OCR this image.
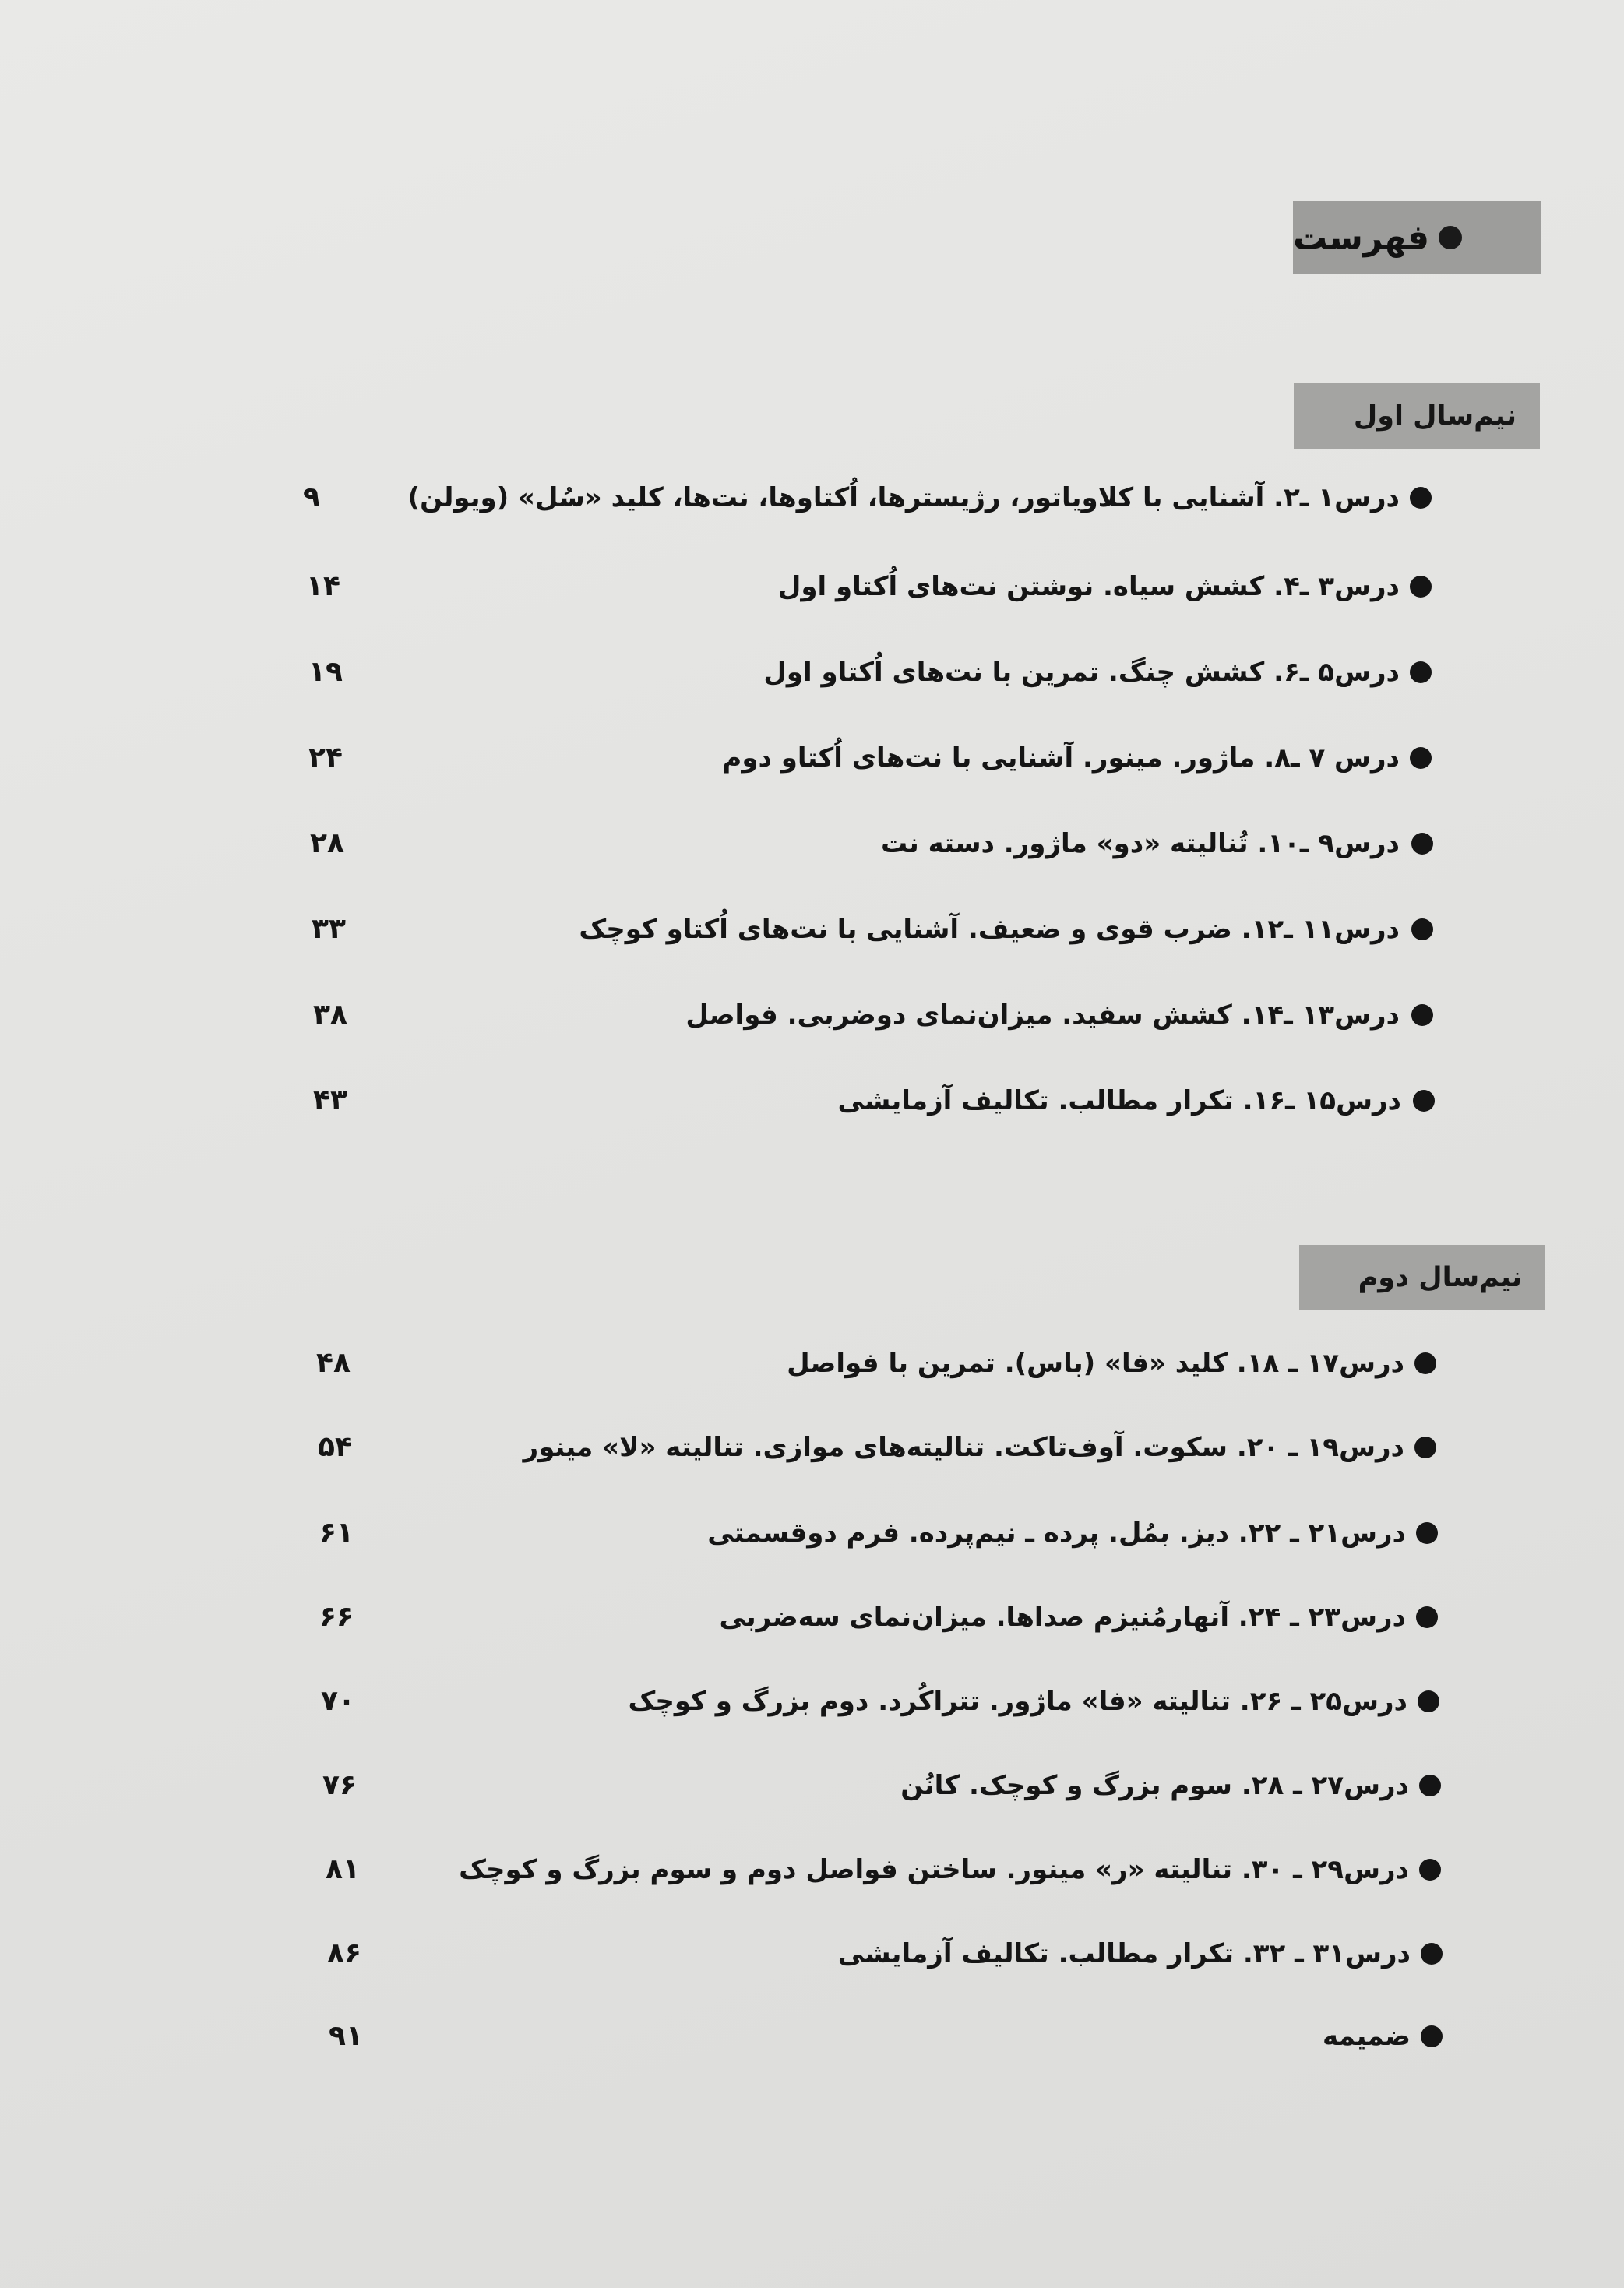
فهرست
نیم‌سال اول
درس۱ ـ۲. آشنایی با کلاویاتور، رژیسترها، اُکتاوها، نت‌ها، کلید «سُل» (ویولن)
۹
درس۳ ـ۴. کشش سیاه. نوشتن نت‌های اُکتاو اول
۱۴
درس۵ ـ۶. کشش چنگ. تمرین با نت‌های اُکتاو اول
۱۹
درس ۷ ـ۸. ماژور. مینور. آشنایی با نت‌های اُکتاو دوم
۲۴
درس۹ ـ۱۰. تُنالیته «دو» ماژور. دسته نت
۲۸
درس۱۱ ـ۱۲. ضرب قوی و ضعیف. آشنایی با نت‌های اُکتاو کوچک
۳۳
درس۱۳ ـ۱۴. کشش سفید. میزان‌نمای دوضربی. فواصل
۳۸
درس۱۵ ـ۱۶. تکرار مطالب. تکالیف آزمایشی
۴۳
نیم‌سال دوم
درس۱۷ ـ ۱۸. کلید «فا» (باس). تمرین با فواصل
۴۸
درس۱۹ ـ ۲۰. سکوت. آوف‌تاکت. تنالیته‌های موازی. تنالیته «لا» مینور
۵۴
درس۲۱ ـ ۲۲. دیز. بمُل. پرده ـ نیم‌پرده. فرم دوقسمتی
۶۱
درس۲۳ ـ ۲۴. آنهارمُنیزم صداها. میزان‌نمای سه‌ضربی
۶۶
درس۲۵ ـ ۲۶. تنالیته «فا» ماژور. تتراکُرد. دوم بزرگ و کوچک
۷۰
درس۲۷ ـ ۲۸. سوم بزرگ و کوچک. کانُن
۷۶
درس۲۹ ـ ۳۰. تنالیته «ر» مینور. ساختن فواصل دوم و سوم بزرگ و کوچک
۸۱
درس۳۱ ـ ۳۲. تکرار مطالب. تکالیف آزمایشی
۸۶
ضمیمه
۹۱
